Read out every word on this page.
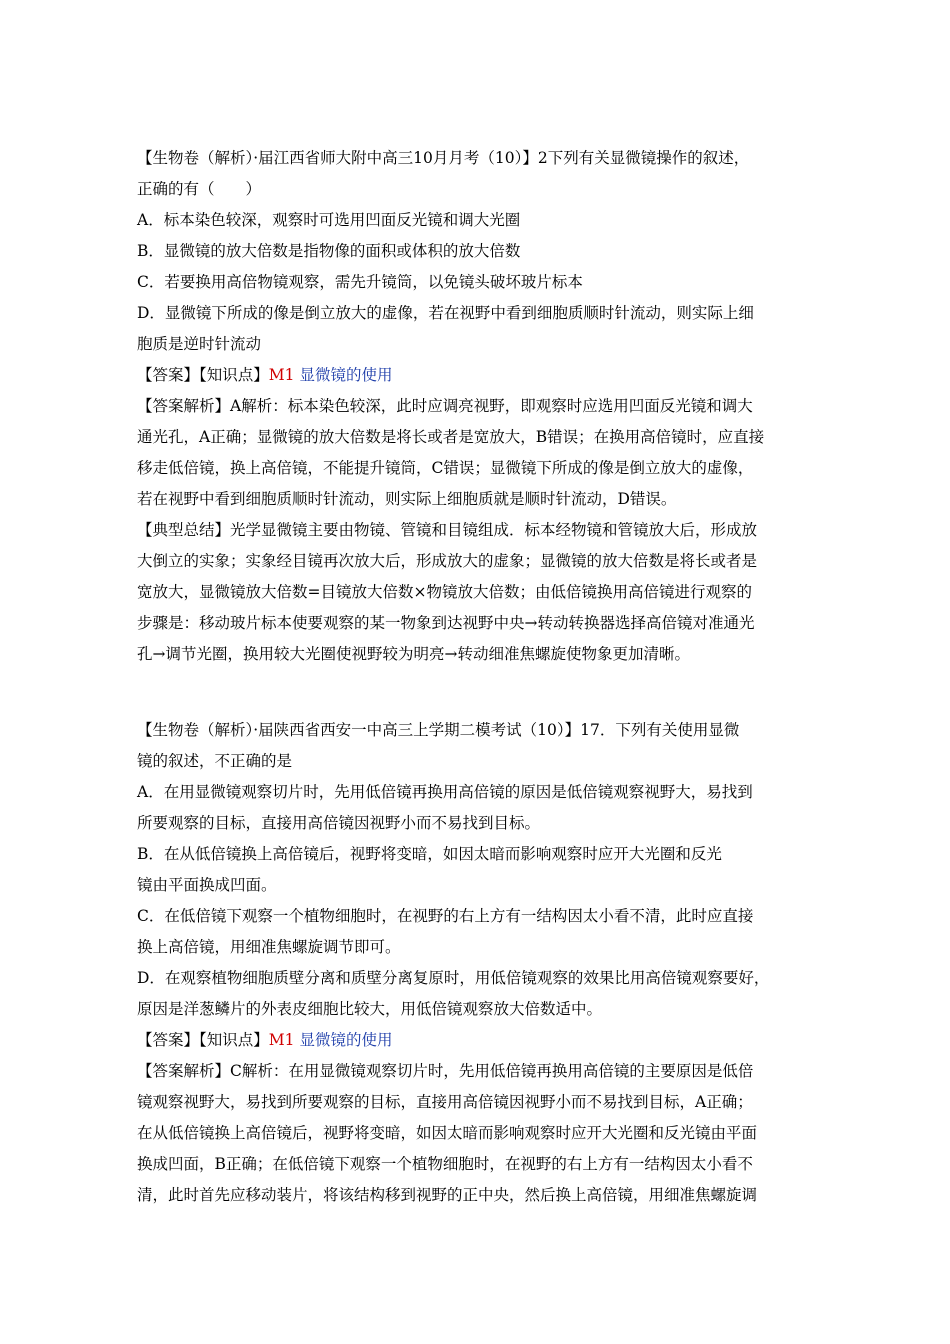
【生物卷（解析）·届江西省师大附中高三10月月考（10）】2下列有关显微镜操作的叙述，
正确的有（　　）
A．标本染色较深，观察时可选用凹面反光镜和调大光圈
B．显微镜的放大倍数是指物像的面积或体积的放大倍数
C．若要换用高倍物镜观察，需先升镜筒，以免镜头破坏玻片标本
D．显微镜下所成的像是倒立放大的虚像，若在视野中看到细胞质顺时针流动，则实际上细
胞质是逆时针流动
【答案】【知识点】M1 显微镜的使用
【答案解析】A解析：标本染色较深，此时应调亮视野，即观察时应选用凹面反光镜和调大
通光孔，A正确；显微镜的放大倍数是将长或者是宽放大，B错误；在换用高倍镜时，应直接
移走低倍镜，换上高倍镜，不能提升镜筒，C错误；显微镜下所成的像是倒立放大的虚像，
若在视野中看到细胞质顺时针流动，则实际上细胞质就是顺时针流动，D错误。
【典型总结】光学显微镜主要由物镜、管镜和目镜组成．标本经物镜和管镜放大后，形成放
大倒立的实象；实象经目镜再次放大后，形成放大的虚象；显微镜的放大倍数是将长或者是
宽放大，显微镜放大倍数=目镜放大倍数×物镜放大倍数；由低倍镜换用高倍镜进行观察的
步骤是：移动玻片标本使要观察的某一物象到达视野中央→转动转换器选择高倍镜对准通光
孔→调节光圈，换用较大光圈使视野较为明亮→转动细准焦螺旋使物象更加清晰。
【生物卷（解析）·届陕西省西安一中高三上学期二模考试（10）】17．下列有关使用显微
镜的叙述，不正确的是
A．在用显微镜观察切片时，先用低倍镜再换用高倍镜的原因是低倍镜观察视野大，易找到
所要观察的目标，直接用高倍镜因视野小而不易找到目标。
B．在从低倍镜换上高倍镜后，视野将变暗，如因太暗而影响观察时应开大光圈和反光
镜由平面换成凹面。
C．在低倍镜下观察一个植物细胞时，在视野的右上方有一结构因太小看不清，此时应直接
换上高倍镜，用细准焦螺旋调节即可。
D．在观察植物细胞质壁分离和质壁分离复原时，用低倍镜观察的效果比用高倍镜观察要好，
原因是洋葱鳞片的外表皮细胞比较大，用低倍镜观察放大倍数适中。
【答案】【知识点】M1 显微镜的使用
【答案解析】C解析：在用显微镜观察切片时，先用低倍镜再换用高倍镜的主要原因是低倍
镜观察视野大，易找到所要观察的目标，直接用高倍镜因视野小而不易找到目标，A正确；
在从低倍镜换上高倍镜后，视野将变暗，如因太暗而影响观察时应开大光圈和反光镜由平面
换成凹面，B正确；在低倍镜下观察一个植物细胞时，在视野的右上方有一结构因太小看不
清，此时首先应移动装片，将该结构移到视野的正中央，然后换上高倍镜，用细准焦螺旋调
